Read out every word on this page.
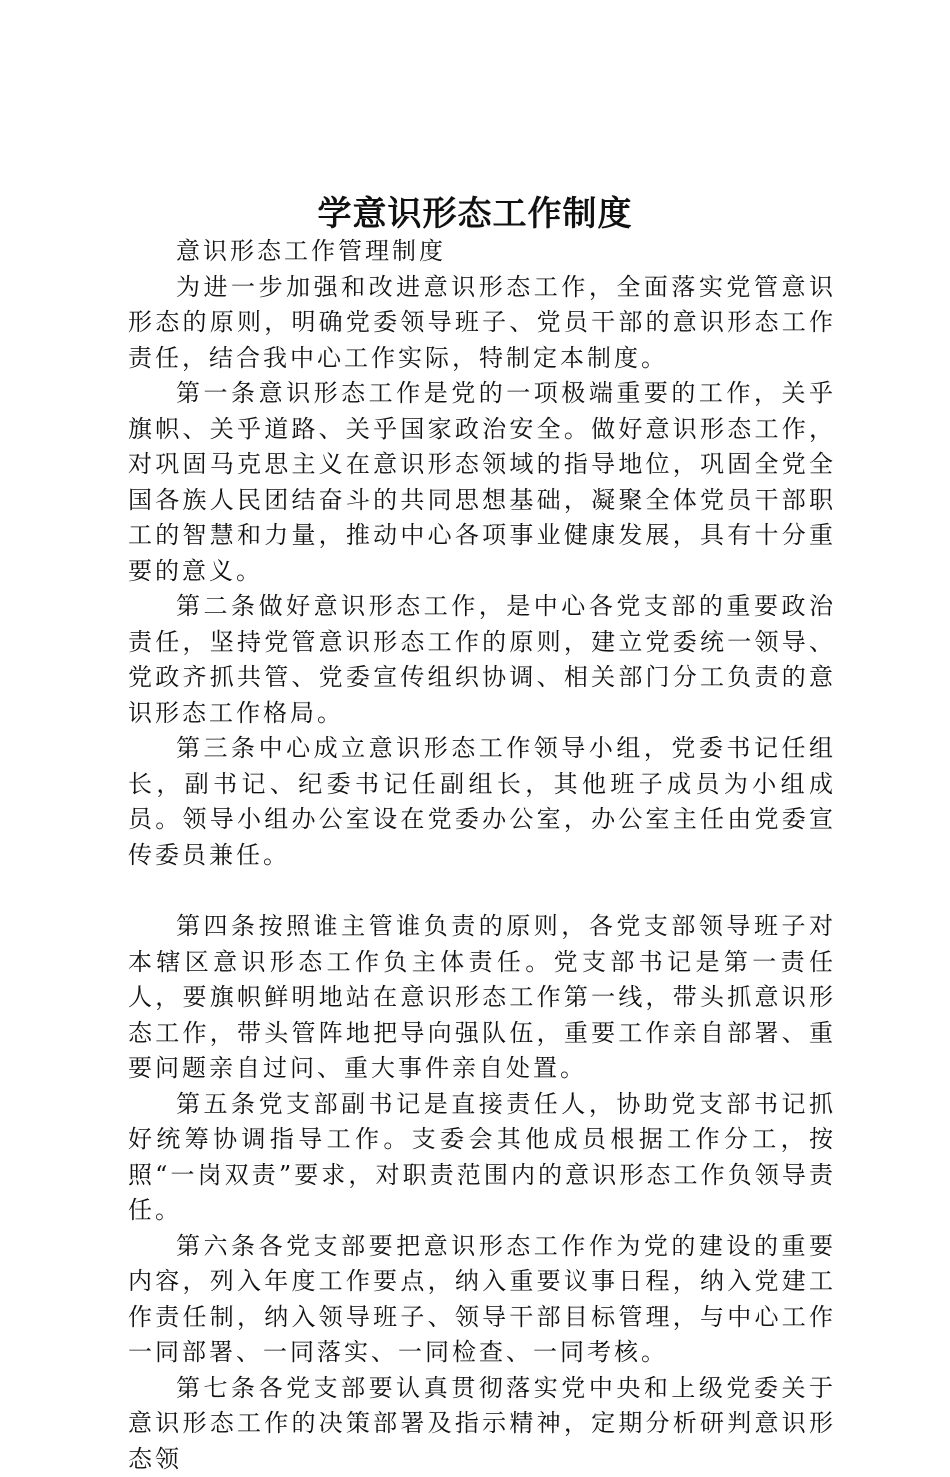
学意识形态工作制度

意识形态工作管理制度

为进一步加强和改进意识形态工作，全面落实党管意识形态的原则，明确党委领导班子、党员干部的意识形态工作责任，结合我中心工作实际，特制定本制度。

第一条意识形态工作是党的一项极端重要的工作，关乎旗帜、关乎道路、关乎国家政治安全。做好意识形态工作，对巩固马克思主义在意识形态领域的指导地位，巩固全党全国各族人民团结奋斗的共同思想基础，凝聚全体党员干部职工的智慧和力量，推动中心各项事业健康发展，具有十分重要的意义。

第二条做好意识形态工作，是中心各党支部的重要政治责任，坚持党管意识形态工作的原则，建立党委统一领导、党政齐抓共管、党委宣传组织协调、相关部门分工负责的意识形态工作格局。

第三条中心成立意识形态工作领导小组，党委书记任组长，副书记、纪委书记任副组长，其他班子成员为小组成员。领导小组办公室设在党委办公室，办公室主任由党委宣传委员兼任。

第四条按照谁主管谁负责的原则，各党支部领导班子对本辖区意识形态工作负主体责任。党支部书记是第一责任人，要旗帜鲜明地站在意识形态工作第一线，带头抓意识形态工作，带头管阵地把导向强队伍，重要工作亲自部署、重要问题亲自过问、重大事件亲自处置。

第五条党支部副书记是直接责任人，协助党支部书记抓好统筹协调指导工作。支委会其他成员根据工作分工，按照“一岗双责”要求，对职责范围内的意识形态工作负领导责任。

第六条各党支部要把意识形态工作作为党的建设的重要内容，列入年度工作要点，纳入重要议事日程，纳入党建工作责任制，纳入领导班子、领导干部目标管理，与中心工作一同部署、一同落实、一同检查、一同考核。

第七条各党支部要认真贯彻落实党中央和上级党委关于意识形态工作的决策部署及指示精神，定期分析研判意识形态领
